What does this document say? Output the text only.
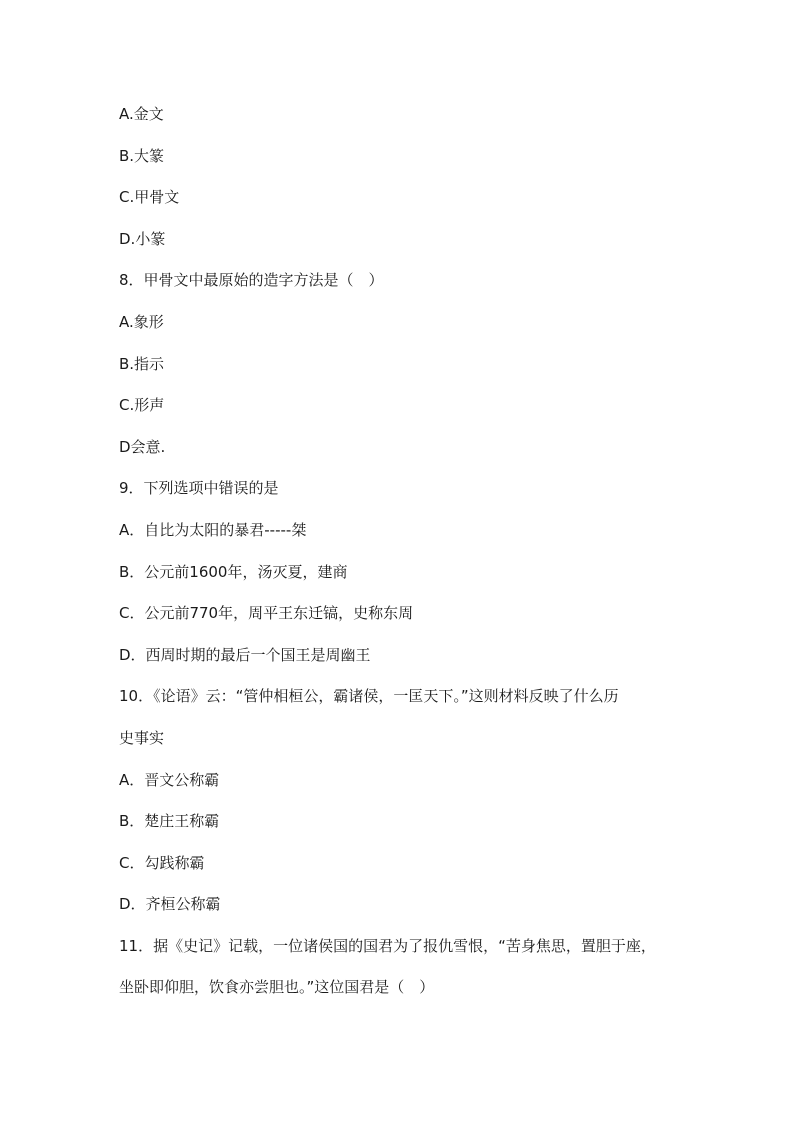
A.金文
B.大篆
C.甲骨文
D.小篆
8．甲骨文中最原始的造字方法是（　）
A.象形
B.指示
C.形声
D会意.
9．下列选项中错误的是
A．自比为太阳的暴君-----桀
B．公元前1600年，汤灭夏，建商
C．公元前770年，周平王东迁镐，史称东周
D．西周时期的最后一个国王是周幽王
10．《论语》云：“管仲相桓公，霸诸侯，一匡天下。”这则材料反映了什么历
史事实
A．晋文公称霸
B．楚庄王称霸
C．勾践称霸
D．齐桓公称霸
11．据《史记》记载，一位诸侯国的国君为了报仇雪恨，“苦身焦思，置胆于座，
坐卧即仰胆，饮食亦尝胆也。”这位国君是（　）
